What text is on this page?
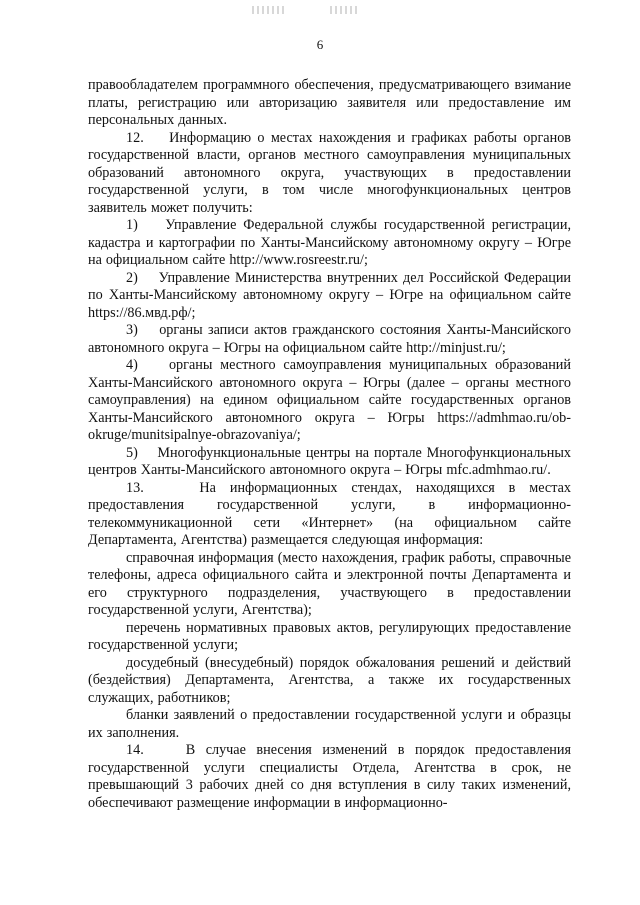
6

правообладателем программного обеспечения, предусматривающего взимание платы, регистрацию или авторизацию заявителя или предоставление им персональных данных.

12.    Информацию о местах нахождения и графиках работы органов государственной власти, органов местного самоуправления муниципальных образований автономного округа, участвующих в предоставлении государственной услуги, в том числе многофункциональных центров заявитель может получить:

1)    Управление Федеральной службы государственной регистрации, кадастра и картографии по Ханты-Мансийскому автономному округу – Югре на официальном сайте http://www.rosreestr.ru/;

2)    Управление Министерства внутренних дел Российской Федерации по Ханты-Мансийскому автономному округу – Югре на официальном сайте https://86.мвд.рф/;

3)    органы записи актов гражданского состояния Ханты-Мансийского автономного округа – Югры на официальном сайте http://minjust.ru/;

4)    органы местного самоуправления муниципальных образований Ханты-Мансийского автономного округа – Югры (далее – органы местного самоуправления) на едином официальном сайте государственных органов Ханты-Мансийского автономного округа – Югры https://admhmao.ru/ob-okruge/munitsipalnye-obrazovaniya/;

5)    Многофункциональные центры на портале Многофункциональных центров Ханты-Мансийского автономного округа – Югры mfc.admhmao.ru/.

13.    На информационных стендах, находящихся в местах предоставления государственной услуги, в информационно-телекоммуникационной сети «Интернет» (на официальном сайте Департамента, Агентства) размещается следующая информация:

справочная информация (место нахождения, график работы, справочные телефоны, адреса официального сайта и электронной почты Департамента и его структурного подразделения, участвующего в предоставлении государственной услуги, Агентства);

перечень нормативных правовых актов, регулирующих предоставление государственной услуги;

досудебный (внесудебный) порядок обжалования решений и действий (бездействия) Департамента, Агентства, а также их государственных служащих, работников;

бланки заявлений о предоставлении государственной услуги и образцы их заполнения.

14.    В случае внесения изменений в порядок предоставления государственной услуги специалисты Отдела, Агентства в срок, не превышающий 3 рабочих дней со дня вступления в силу таких изменений, обеспечивают размещение информации в информационно-
